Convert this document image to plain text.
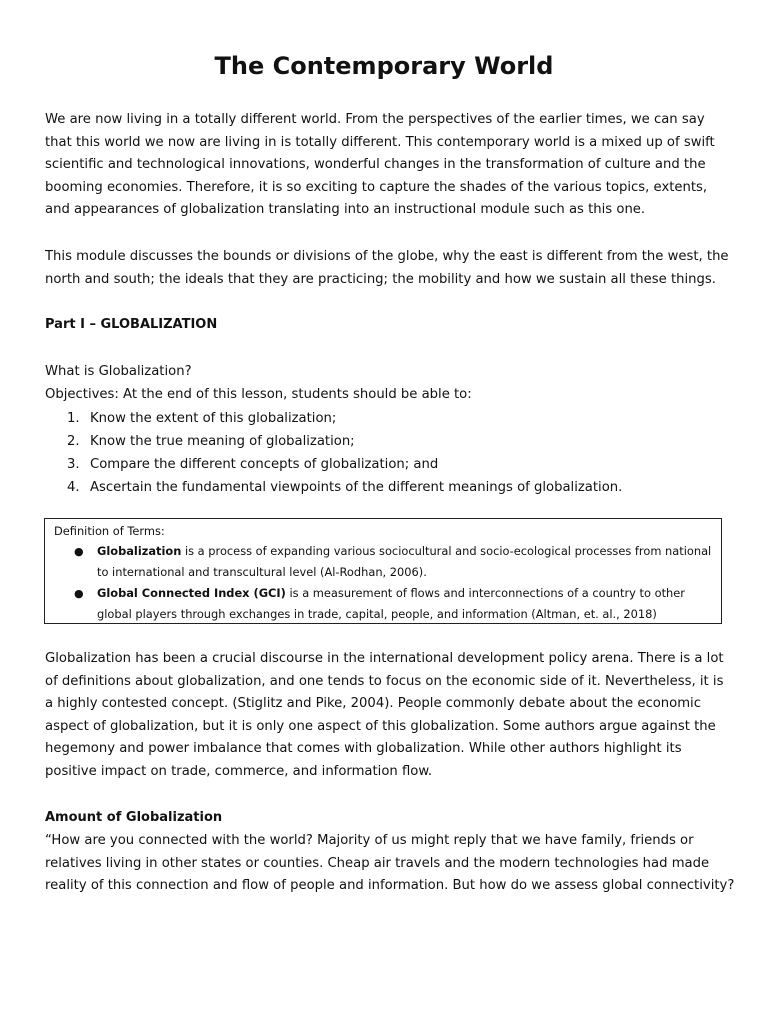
The Contemporary World

We are now living in a totally different world. From the perspectives of the earlier times, we can say that this world we now are living in is totally different. This contemporary world is a mixed up of swift scientific and technological innovations, wonderful changes in the transformation of culture and the booming economies. Therefore, it is so exciting to capture the shades of the various topics, extents, and appearances of globalization translating into an instructional module such as this one.

This module discusses the bounds or divisions of the globe, why the east is different from the west, the north and south; the ideals that they are practicing; the mobility and how we sustain all these things.

Part I – GLOBALIZATION

What is Globalization?

Objectives: At the end of this lesson, students should be able to:

1. Know the extent of this globalization;
2. Know the true meaning of globalization;
3. Compare the different concepts of globalization; and
4. Ascertain the fundamental viewpoints of the different meanings of globalization.
Definition of Terms:
● Globalization is a process of expanding various sociocultural and socio-ecological processes from national to international and transcultural level (Al-Rodhan, 2006).
● Global Connected Index (GCI) is a measurement of flows and interconnections of a country to other global players through exchanges in trade, capital, people, and information (Altman, et. al., 2018)

Globalization has been a crucial discourse in the international development policy arena. There is a lot of definitions about globalization, and one tends to focus on the economic side of it. Nevertheless, it is a highly contested concept. (Stiglitz and Pike, 2004). People commonly debate about the economic aspect of globalization, but it is only one aspect of this globalization. Some authors argue against the hegemony and power imbalance that comes with globalization. While other authors highlight its positive impact on trade, commerce, and information flow.

Amount of Globalization

“How are you connected with the world? Majority of us might reply that we have family, friends or relatives living in other states or counties. Cheap air travels and the modern technologies had made reality of this connection and flow of people and information. But how do we assess global connectivity?
